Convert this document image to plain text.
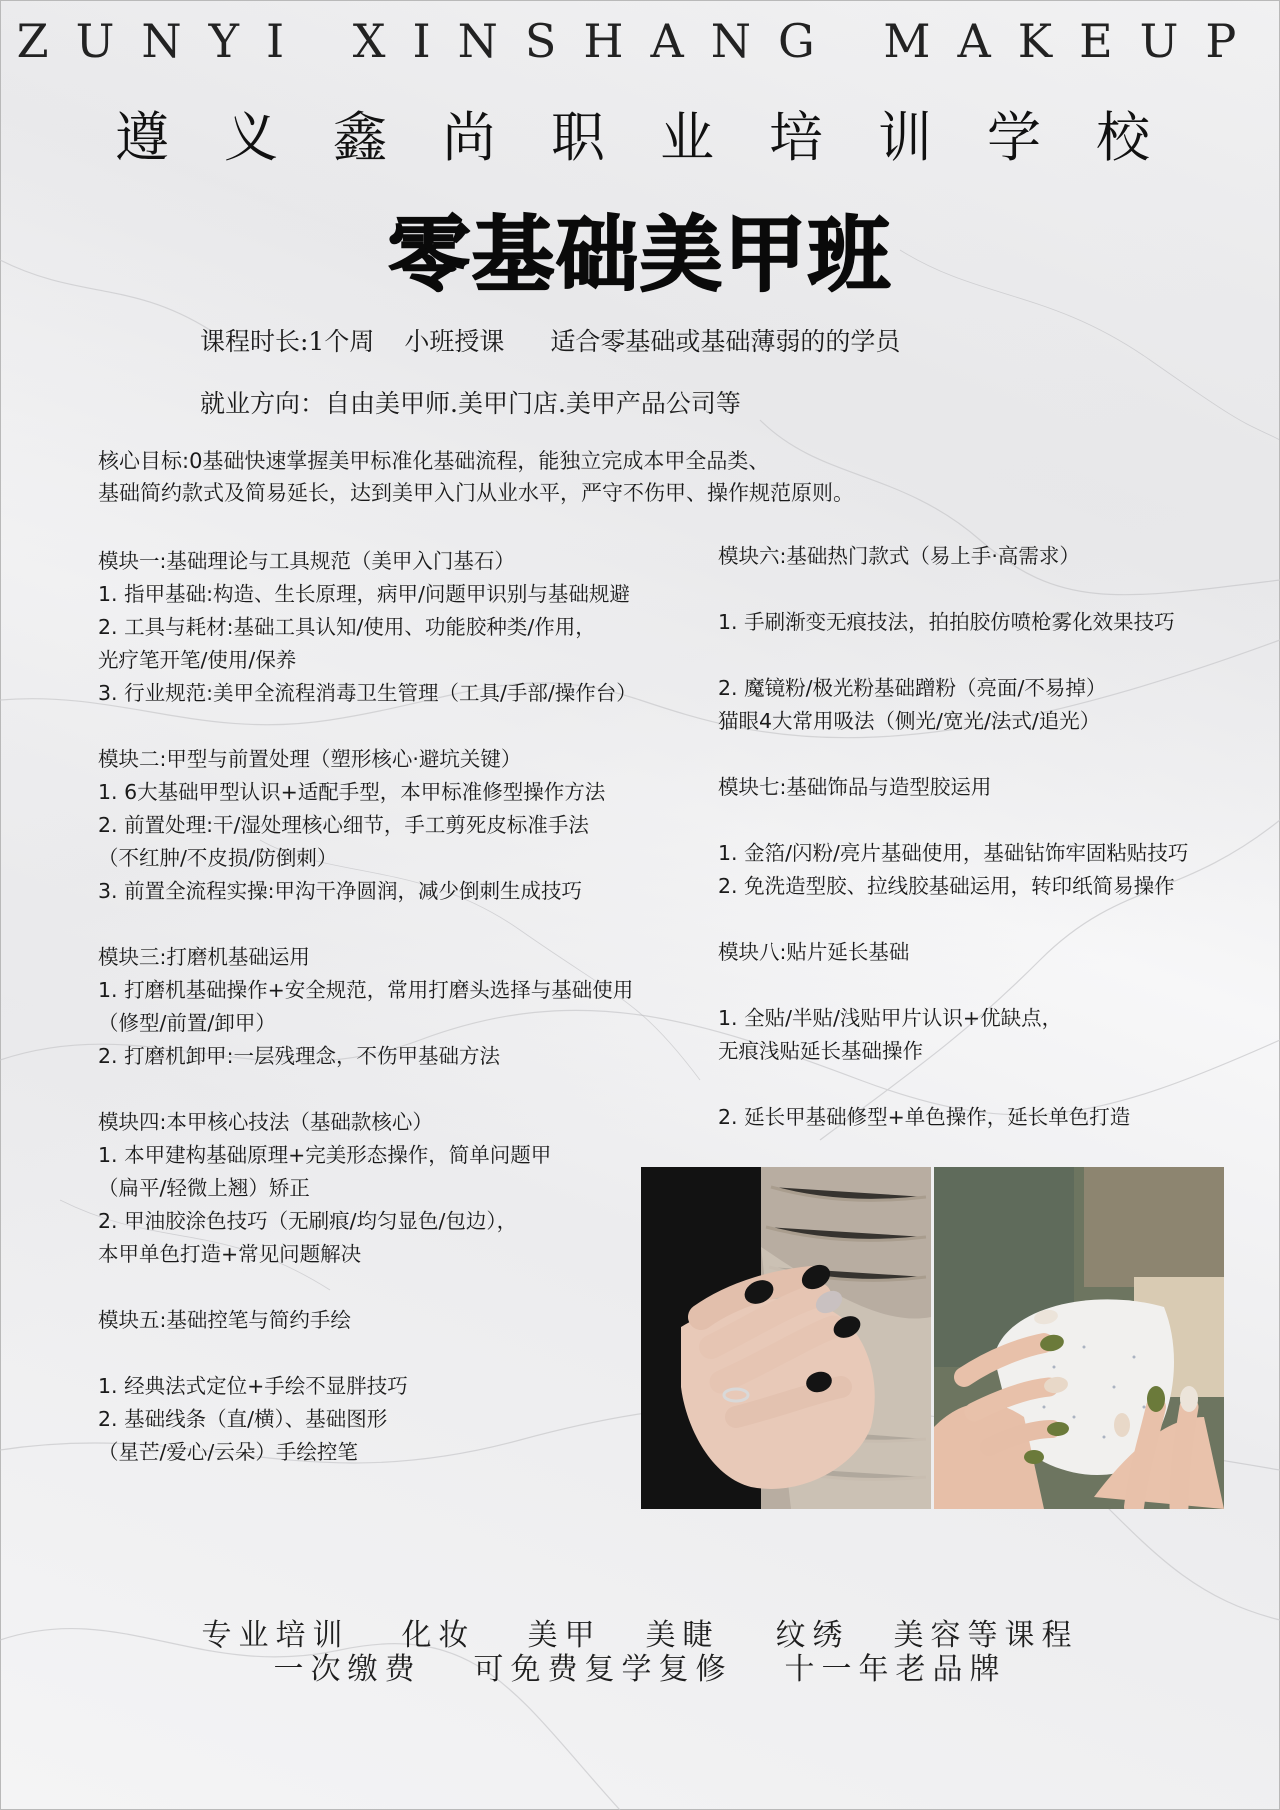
ZUNYI XINSHANG MAKEUP
遵义鑫尚职业培训学校
零基础美甲班
课程时长:1个周 小班授课 适合零基础或基础薄弱的的学员
就业方向：自由美甲师.美甲门店.美甲产品公司等
核心目标:0基础快速掌握美甲标准化基础流程，能独立完成本甲全品类、
基础简约款式及简易延长，达到美甲入门从业水平，严守不伤甲、操作规范原则。
模块一:基础理论与工具规范（美甲入门基石）
1. 指甲基础:构造、生长原理，病甲/问题甲识别与基础规避
2. 工具与耗材:基础工具认知/使用、功能胶种类/作用，
光疗笔开笔/使用/保养
3. 行业规范:美甲全流程消毒卫生管理（工具/手部/操作台）
模块二:甲型与前置处理（塑形核心·避坑关键）
1. 6大基础甲型认识+适配手型，本甲标准修型操作方法
2. 前置处理:干/湿处理核心细节，手工剪死皮标准手法
（不红肿/不皮损/防倒刺）
3. 前置全流程实操:甲沟干净圆润，减少倒刺生成技巧
模块三:打磨机基础运用
1. 打磨机基础操作+安全规范，常用打磨头选择与基础使用
（修型/前置/卸甲）
2. 打磨机卸甲:一层残理念，不伤甲基础方法
模块四:本甲核心技法（基础款核心）
1. 本甲建构基础原理+完美形态操作，简单问题甲
（扁平/轻微上翘）矫正
2. 甲油胶涂色技巧（无刷痕/均匀显色/包边），
本甲单色打造+常见问题解决
模块五:基础控笔与简约手绘
1. 经典法式定位+手绘不显胖技巧
2. 基础线条（直/横）、基础图形
（星芒/爱心/云朵）手绘控笔
模块六:基础热门款式（易上手·高需求）
1. 手刷渐变无痕技法，拍拍胶仿喷枪雾化效果技巧
2. 魔镜粉/极光粉基础蹭粉（亮面/不易掉）
猫眼4大常用吸法（侧光/宽光/法式/追光）
模块七:基础饰品与造型胶运用
1. 金箔/闪粉/亮片基础使用，基础钻饰牢固粘贴技巧
2. 免洗造型胶、拉线胶基础运用，转印纸简易操作
模块八:贴片延长基础
1. 全贴/半贴/浅贴甲片认识+优缺点，
无痕浅贴延长基础操作
2. 延长甲基础修型+单色操作，延长单色打造
专业培训 化妆 美甲 美睫 纹绣 美容等课程
一次缴费 可免费复学复修 十一年老品牌
